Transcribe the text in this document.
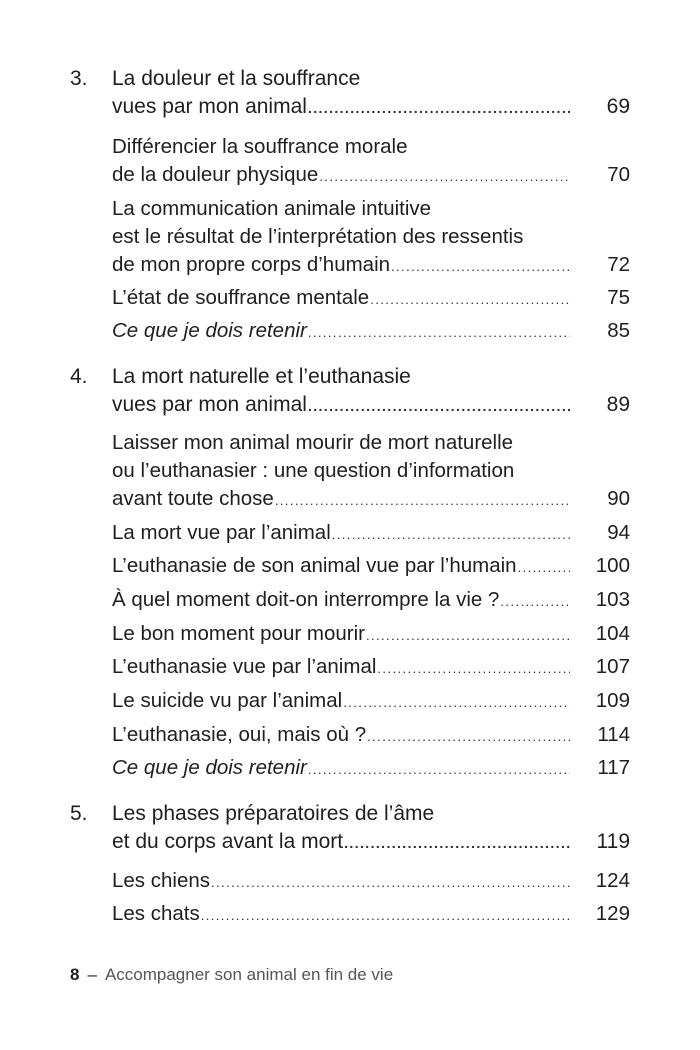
3.	La douleur et la souffrance
vues par mon animal .....	69
Différencier la souffrance morale
de la douleur physique .....	70
La communication animale intuitive
est le résultat de l’interprétation des ressentis
de mon propre corps d’humain .....	72
L’état de souffrance mentale .....	75
Ce que je dois retenir .....	85
4.	La mort naturelle et l’euthanasie
vues par mon animal .....	89
Laisser mon animal mourir de mort naturelle
ou l’euthanasier : une question d’information
avant toute chose .....	90
La mort vue par l’animal .....	94
L’euthanasie de son animal vue par l’humain .....	100
À quel moment doit-on interrompre la vie ? .....	103
Le bon moment pour mourir .....	104
L’euthanasie vue par l’animal .....	107
Le suicide vu par l’animal .....	109
L’euthanasie, oui, mais où ? .....	114
Ce que je dois retenir .....	117
5.	Les phases préparatoires de l’âme
et du corps avant la mort .....	119
Les chiens .....	124
Les chats .....	129
8 – Accompagner son animal en fin de vie
